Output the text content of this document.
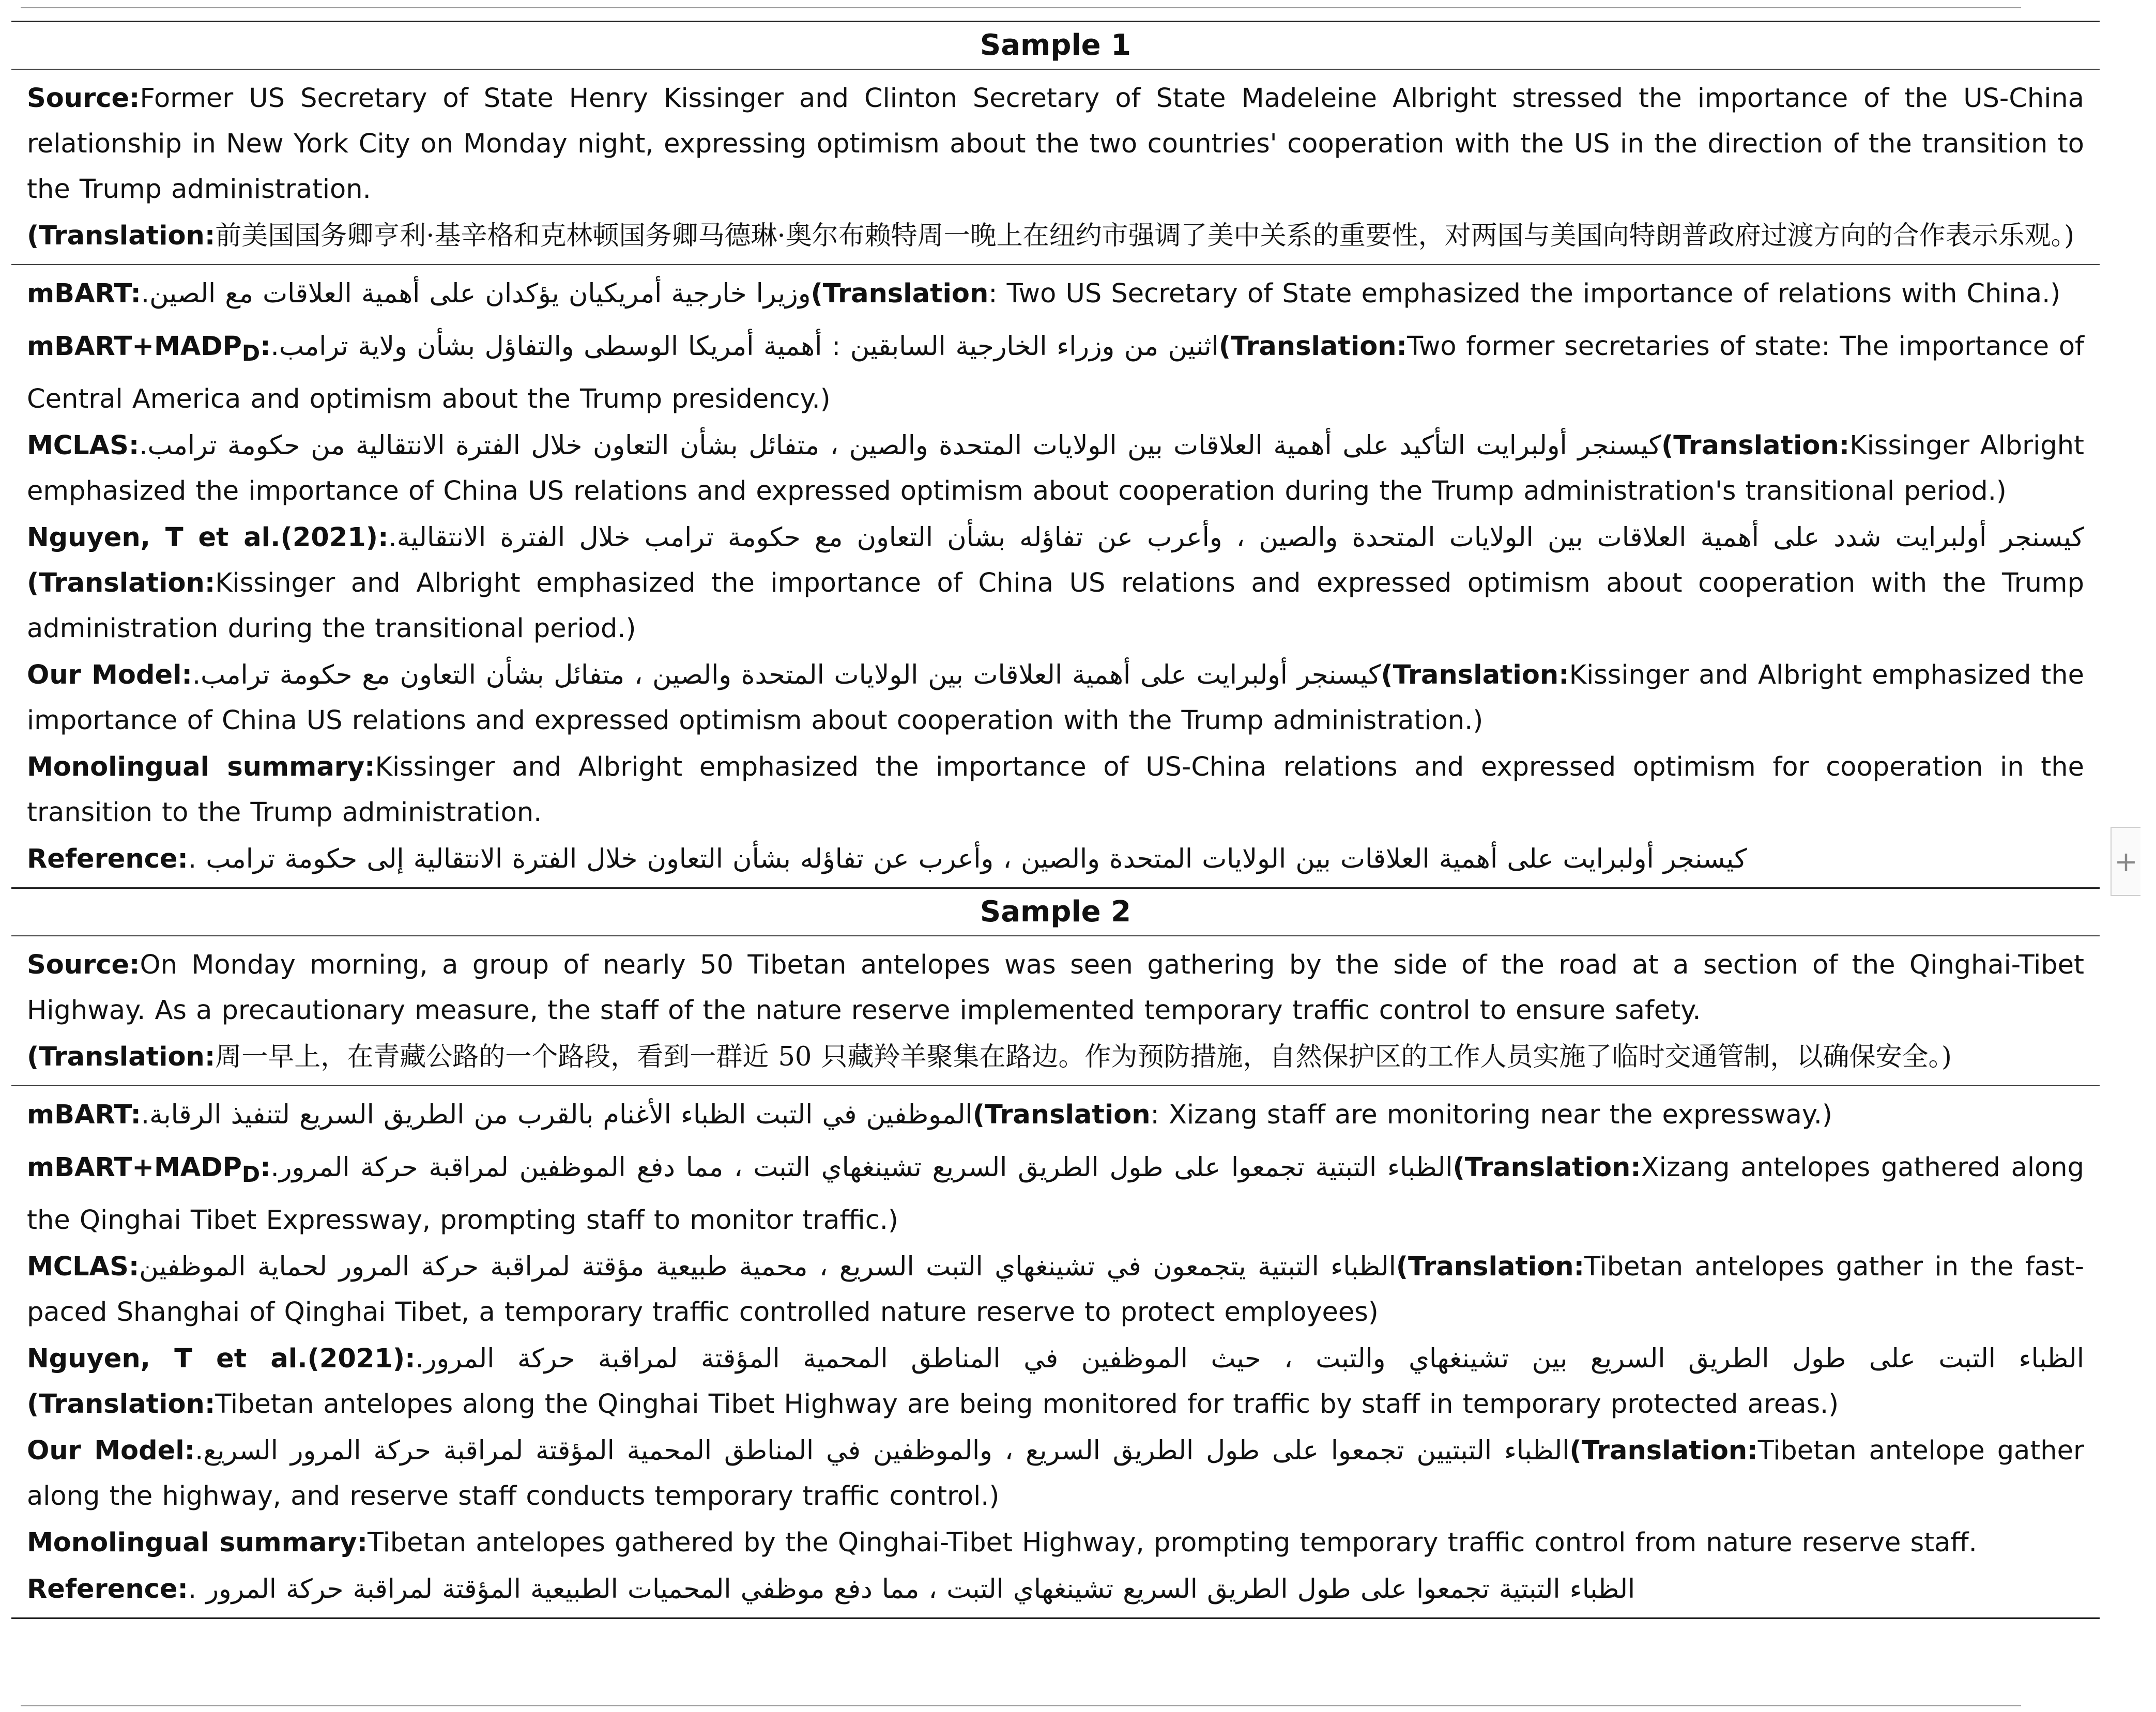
Sample 1
Source:Former US Secretary of State Henry Kissinger and Clinton Secretary of State Madeleine Albright stressed the importance of the US-China relationship in New York City on Monday night, expressing optimism about the two countries' cooperation with the US in the direction of the transition to the Trump administration.
(Translation:前美国国务卿亨利·基辛格和克林顿国务卿马德琳·奥尔布赖特周一晚上在纽约市强调了美中关系的重要性，对两国与美国向特朗普政府过渡方向的合作表示乐观。)
mBART:وزيرا خارجية أمريكيان يؤكدان على أهمية العلاقات مع الصين.(Translation: Two US Secretary of State emphasized the importance of relations with China.)
$mBART+MADP_D:اثنين$ من وزراء الخارجية السابقين : أهمية أمريكا الوسطى والتفاؤل بشأن ولاية ترامب.(Translation:Two former secretaries of state: The importance of Central America and optimism about the Trump presidency.)
MCLAS:كيسنجر أولبرايت التأكيد على أهمية العلاقات بين الولايات المتحدة والصين ، متفائل بشأن التعاون خلال الفترة الانتقالية من حكومة ترامب.(Translation:Kissinger Albright emphasized the importance of China US relations and expressed optimism about cooperation during the Trump administration's transitional period.)
Nguyen, T et al.(2021):كيسنجر أولبرايت شدد على أهمية العلاقات بين الولايات المتحدة والصين ، وأعرب عن تفاؤله بشأن التعاون مع حكومة ترامب خلال الفترة الانتقالية.(Translation:Kissinger and Albright emphasized the importance of China US relations and expressed optimism about cooperation with the Trump administration during the transitional period.)
Our Model:كيسنجر أولبرايت على أهمية العلاقات بين الولايات المتحدة والصين ، متفائل بشأن التعاون مع حكومة ترامب.(Translation:Kissinger and Albright emphasized the importance of China US relations and expressed optimism about cooperation with the Trump administration.)
Monolingual summary:Kissinger and Albright emphasized the importance of US-China relations and expressed optimism for cooperation in the transition to the Trump administration.
Reference:كيسنجر أولبرايت على أهمية العلاقات بين الولايات المتحدة والصين ، وأعرب عن تفاؤله بشأن التعاون خلال الفترة الانتقالية إلى حكومة ترامب .
Sample 2
Source:On Monday morning, a group of nearly 50 Tibetan antelopes was seen gathering by the side of the road at a section of the Qinghai-Tibet Highway. As a precautionary measure, the staff of the nature reserve implemented temporary traffic control to ensure safety.
(Translation:周一早上，在青藏公路的一个路段，看到一群近 50 只藏羚羊聚集在路边。作为预防措施，自然保护区的工作人员实施了临时交通管制，以确保安全。)
mBART:الموظفين في التبت الظباء الأغنام بالقرب من الطريق السريع لتنفيذ الرقابة.(Translation: Xizang staff are monitoring near the expressway.)
$mBART+MADP_D:الظباء$ التبتية تجمعوا على طول الطريق السريع تشينغهاي التبت ، مما دفع الموظفين لمراقبة حركة المرور.(Translation:Xizang antelopes gathered along the Qinghai Tibet Expressway, prompting staff to monitor traffic.)
MCLAS:الظباء التبتية يتجمعون في تشينغهاي التبت السريع ، محمية طبيعية مؤقتة لمراقبة حركة المرور لحماية الموظفين(Translation:Tibetan antelopes gather in the fast-paced Shanghai of Qinghai Tibet, a temporary traffic controlled nature reserve to protect employees)
Nguyen, T et al.(2021):الظباء التبت على طول الطريق السريع بين تشينغهاي والتبت ، حيث الموظفين في المناطق المحمية المؤقتة لمراقبة حركة المرور.(Translation:Tibetan antelopes along the Qinghai Tibet Highway are being monitored for traffic by staff in temporary protected areas.)
Our Model:الظباء التبتيين تجمعوا على طول الطريق السريع ، والموظفين في المناطق المحمية المؤقتة لمراقبة حركة المرور السريع.(Translation:Tibetan antelope gather along the highway, and reserve staff conducts temporary traffic control.)
Monolingual summary:Tibetan antelopes gathered by the Qinghai-Tibet Highway, prompting temporary traffic control from nature reserve staff.
Reference:الظباء التبتية تجمعوا على طول الطريق السريع تشينغهاي التبت ، مما دفع موظفي المحميات الطبيعية المؤقتة لمراقبة حركة المرور .
+
